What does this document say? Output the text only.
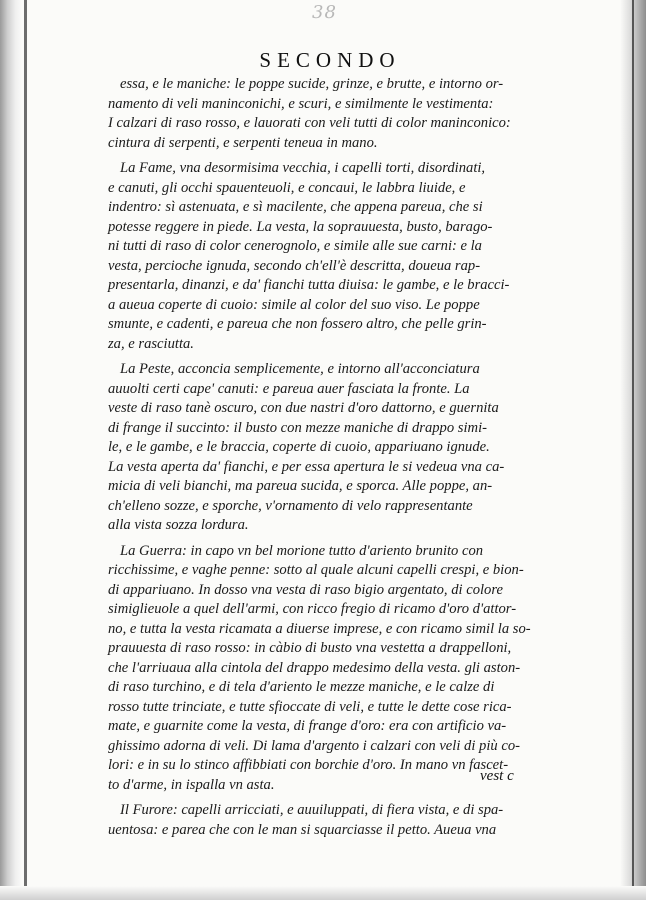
38
SECONDO
essa, e le maniche: le poppe sucide, grinze, e brutte, e intorno or-
namento di veli maninconichi, e scuri, e similmente le vestimenta:
I calzari di raso rosso, e lauorati con veli tutti di color maninconico:
cintura di serpenti, e serpenti teneua in mano.
La Fame, vna desormisima vecchia, i capelli torti, disordinati,
e canuti, gli occhi spauenteuoli, e concaui, le labbra liuide, e
indentro: sì astenuata, e sì macilente, che appena pareua, che si
potesse reggere in piede. La vesta, la soprauuesta, busto, barago-
ni tutti di raso di color cenerognolo, e simile alle sue carni: e la
vesta, percioche ignuda, secondo ch'ell'è descritta, doueua rap-
presentarla, dinanzi, e da' fianchi tutta diuisa: le gambe, e le bracci-
a aueua coperte di cuoio: simile al color del suo viso. Le poppe
smunte, e cadenti, e pareua che non fossero altro, che pelle grin-
za, e rasciutta.
La Peste, acconcia semplicemente, e intorno all'acconciatura
auuolti certi cape' canuti: e pareua auer fasciata la fronte. La
veste di raso tanè oscuro, con due nastri d'oro dattorno, e guernita
di frange il succinto: il busto con mezze maniche di drappo simi-
le, e le gambe, e le braccia, coperte di cuoio, appariuano ignude.
La vesta aperta da' fianchi, e per essa apertura le si vedeua vna ca-
micia di veli bianchi, ma pareua sucida, e sporca. Alle poppe, an-
ch'elleno sozze, e sporche, v'ornamento di velo rappresentante
alla vista sozza lordura.
La Guerra: in capo vn bel morione tutto d'ariento brunito con
ricchissime, e vaghe penne: sotto al quale alcuni capelli crespi, e bion-
di appariuano. In dosso vna vesta di raso bigio argentato, di colore
simiglieuole a quel dell'armi, con ricco fregio di ricamo d'oro d'attor-
no, e tutta la vesta ricamata a diuerse imprese, e con ricamo simil la so-
prauuesta di raso rosso: in càbio di busto vna vestetta a drappelloni,
che l'arriuaua alla cintola del drappo medesimo della vesta. gli aston-
di raso turchino, e di tela d'ariento le mezze maniche, e le calze di
rosso tutte trinciate, e tutte sfioccate di veli, e tutte le dette cose rica-
mate, e guarnite come la vesta, di frange d'oro: era con artificio va-
ghissimo adorna di veli. Di lama d'argento i calzari con veli di più co-
lori: e in su lo stinco affibbiati con borchie d'oro. In mano vn fascet-
to d'arme, in ispalla vn asta.
Il Furore: capelli arricciati, e auuiluppati, di fiera vista, e di spa-
uentosa: e parea che con le man si squarciasse il petto. Aueua vna
vest c
